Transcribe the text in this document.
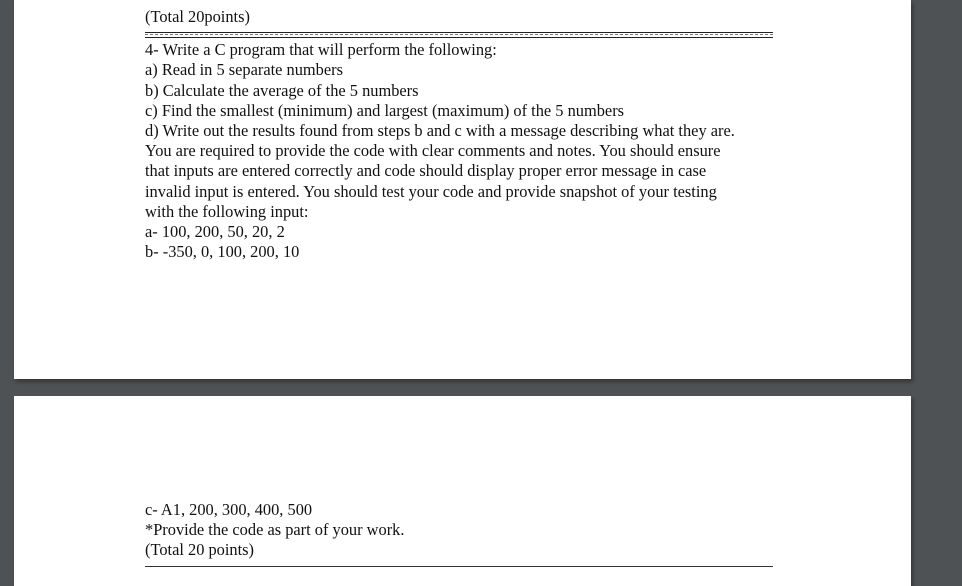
(Total 20points)
4- Write a C program that will perform the following:
a) Read in 5 separate numbers
b) Calculate the average of the 5 numbers
c) Find the smallest (minimum) and largest (maximum) of the 5 numbers
d) Write out the results found from steps b and c with a message describing what they are.
You are required to provide the code with clear comments and notes. You should ensure
that inputs are entered correctly and code should display proper error message in case
invalid input is entered. You should test your code and provide snapshot of your testing
with the following input:
a- 100, 200, 50, 20, 2
b- -350, 0, 100, 200, 10
c- A1, 200, 300, 400, 500
*Provide the code as part of your work.
(Total 20 points)
